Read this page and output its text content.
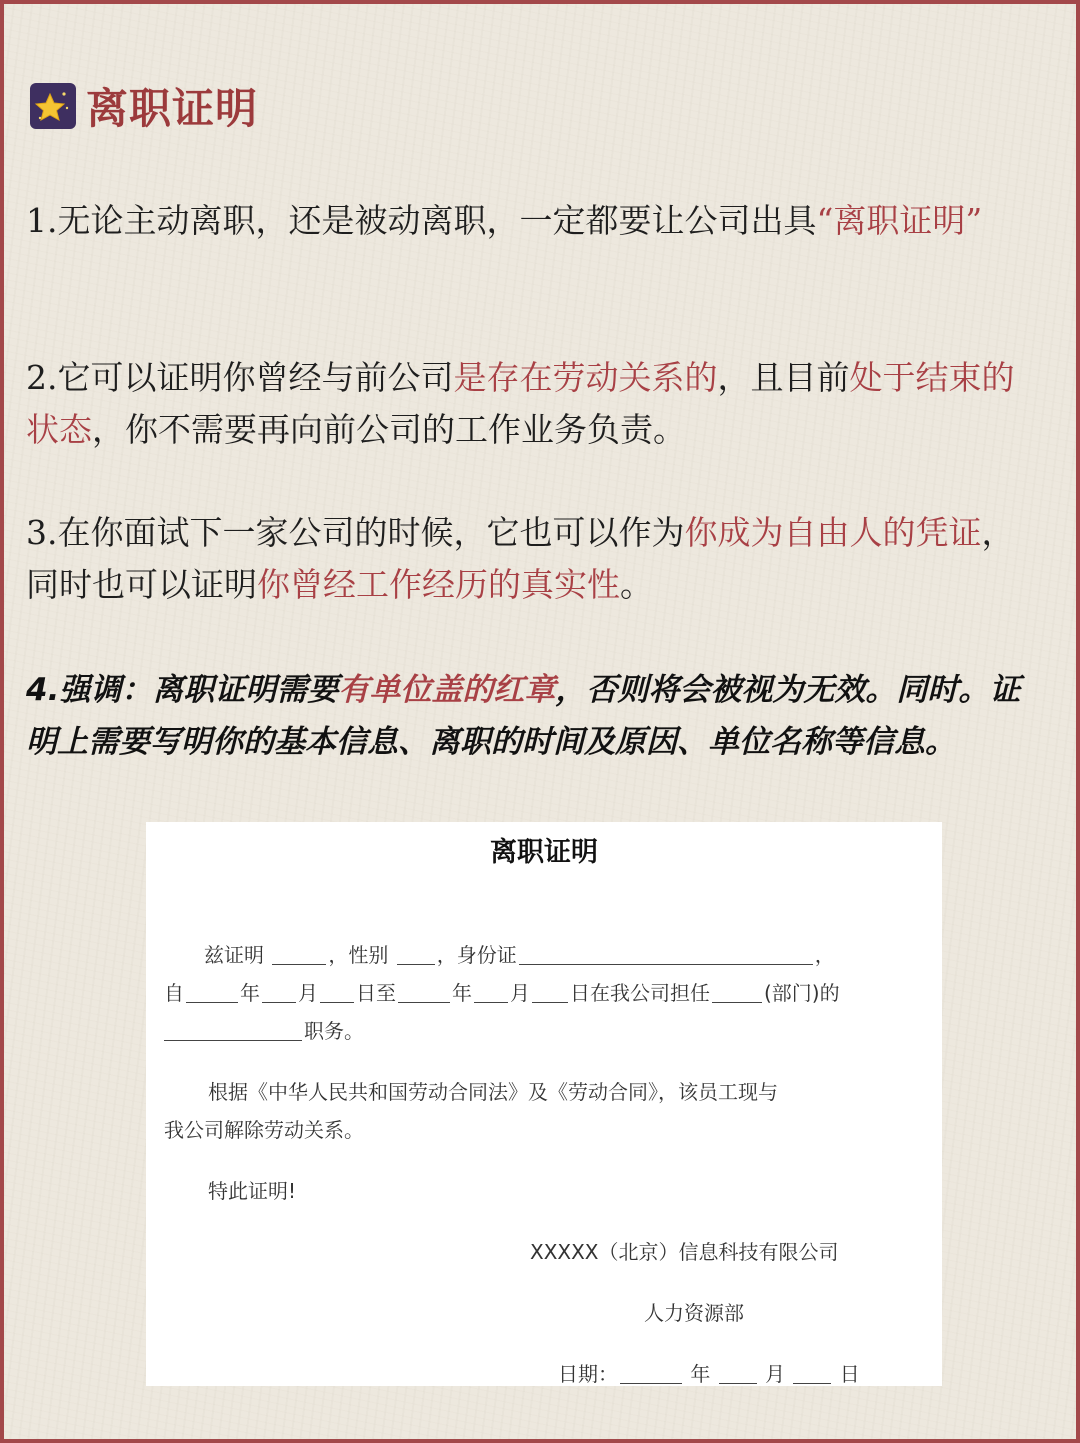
离职证明
1.无论主动离职，还是被动离职，一定都要让公司出具“离职证明”
2.它可以证明你曾经与前公司是存在劳动关系的，且目前处于结束的状态，你不需要再向前公司的工作业务负责。
3.在你面试下一家公司的时候，它也可以作为你成为自由人的凭证，同时也可以证明你曾经工作经历的真实性。
4.强调：离职证明需要有单位盖的红章，否则将会被视为无效。同时。证明上需要写明你的基本信息、离职的时间及原因、单位名称等信息。
离职证明
兹证明	，性别 ，身份证	，
自	年 月 日至	年 月 日在我公司担任	(部门)的
职务。
根据《中华人民共和国劳动合同法》及《劳动合同》，该员工现与
我公司解除劳动关系。
特此证明!
XXXXX（北京）信息科技有限公司
人力资源部
日期：	年	月	日
